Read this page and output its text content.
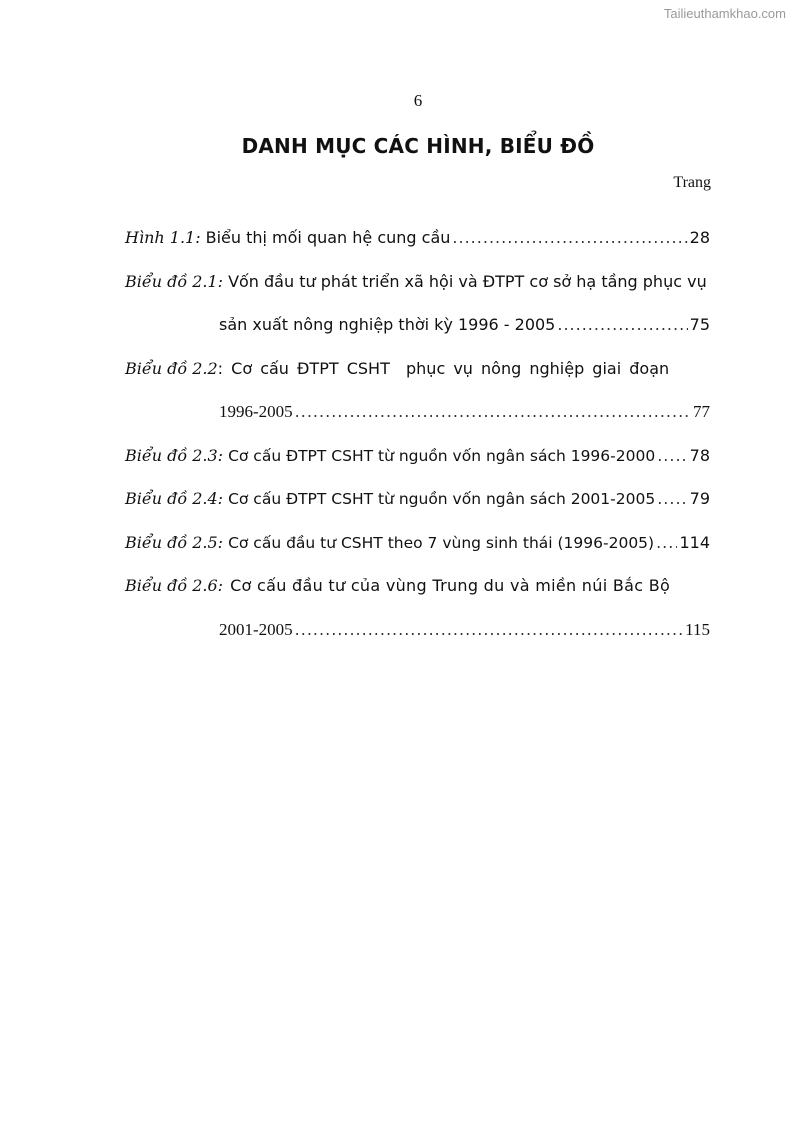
Tailieuthamkhao.com
6
DANH MỤC CÁC HÌNH, BIỂU ĐỒ
Trang
Hình 1.1: Biểu thị mối quan hệ cung cầu .....	28
Biểu đồ 2.1: Vốn đầu tư phát triển xã hội và ĐTPT cơ sở hạ tầng phục vụ
sản xuất nông nghiệp thời kỳ 1996 - 2005 .....	75
Biểu đồ 2.2 : Cơ cấu ĐTPT CSHT  phục vụ nông nghiệp giai đoạn
1996-2005 .....	77
Biểu đồ 2.3: Cơ cấu ĐTPT CSHT từ nguồn vốn ngân sách 1996-2000 ..... 78
Biểu đồ 2.4: Cơ cấu ĐTPT CSHT từ nguồn vốn ngân sách 2001-2005 ..... 79
Biểu đồ 2.5: Cơ cấu đầu tư CSHT theo 7 vùng sinh thái (1996-2005) ..... 114
Biểu đồ 2.6: Cơ cấu đầu tư của vùng Trung du và miền núi Bắc Bộ
2001-2005 .....	115
